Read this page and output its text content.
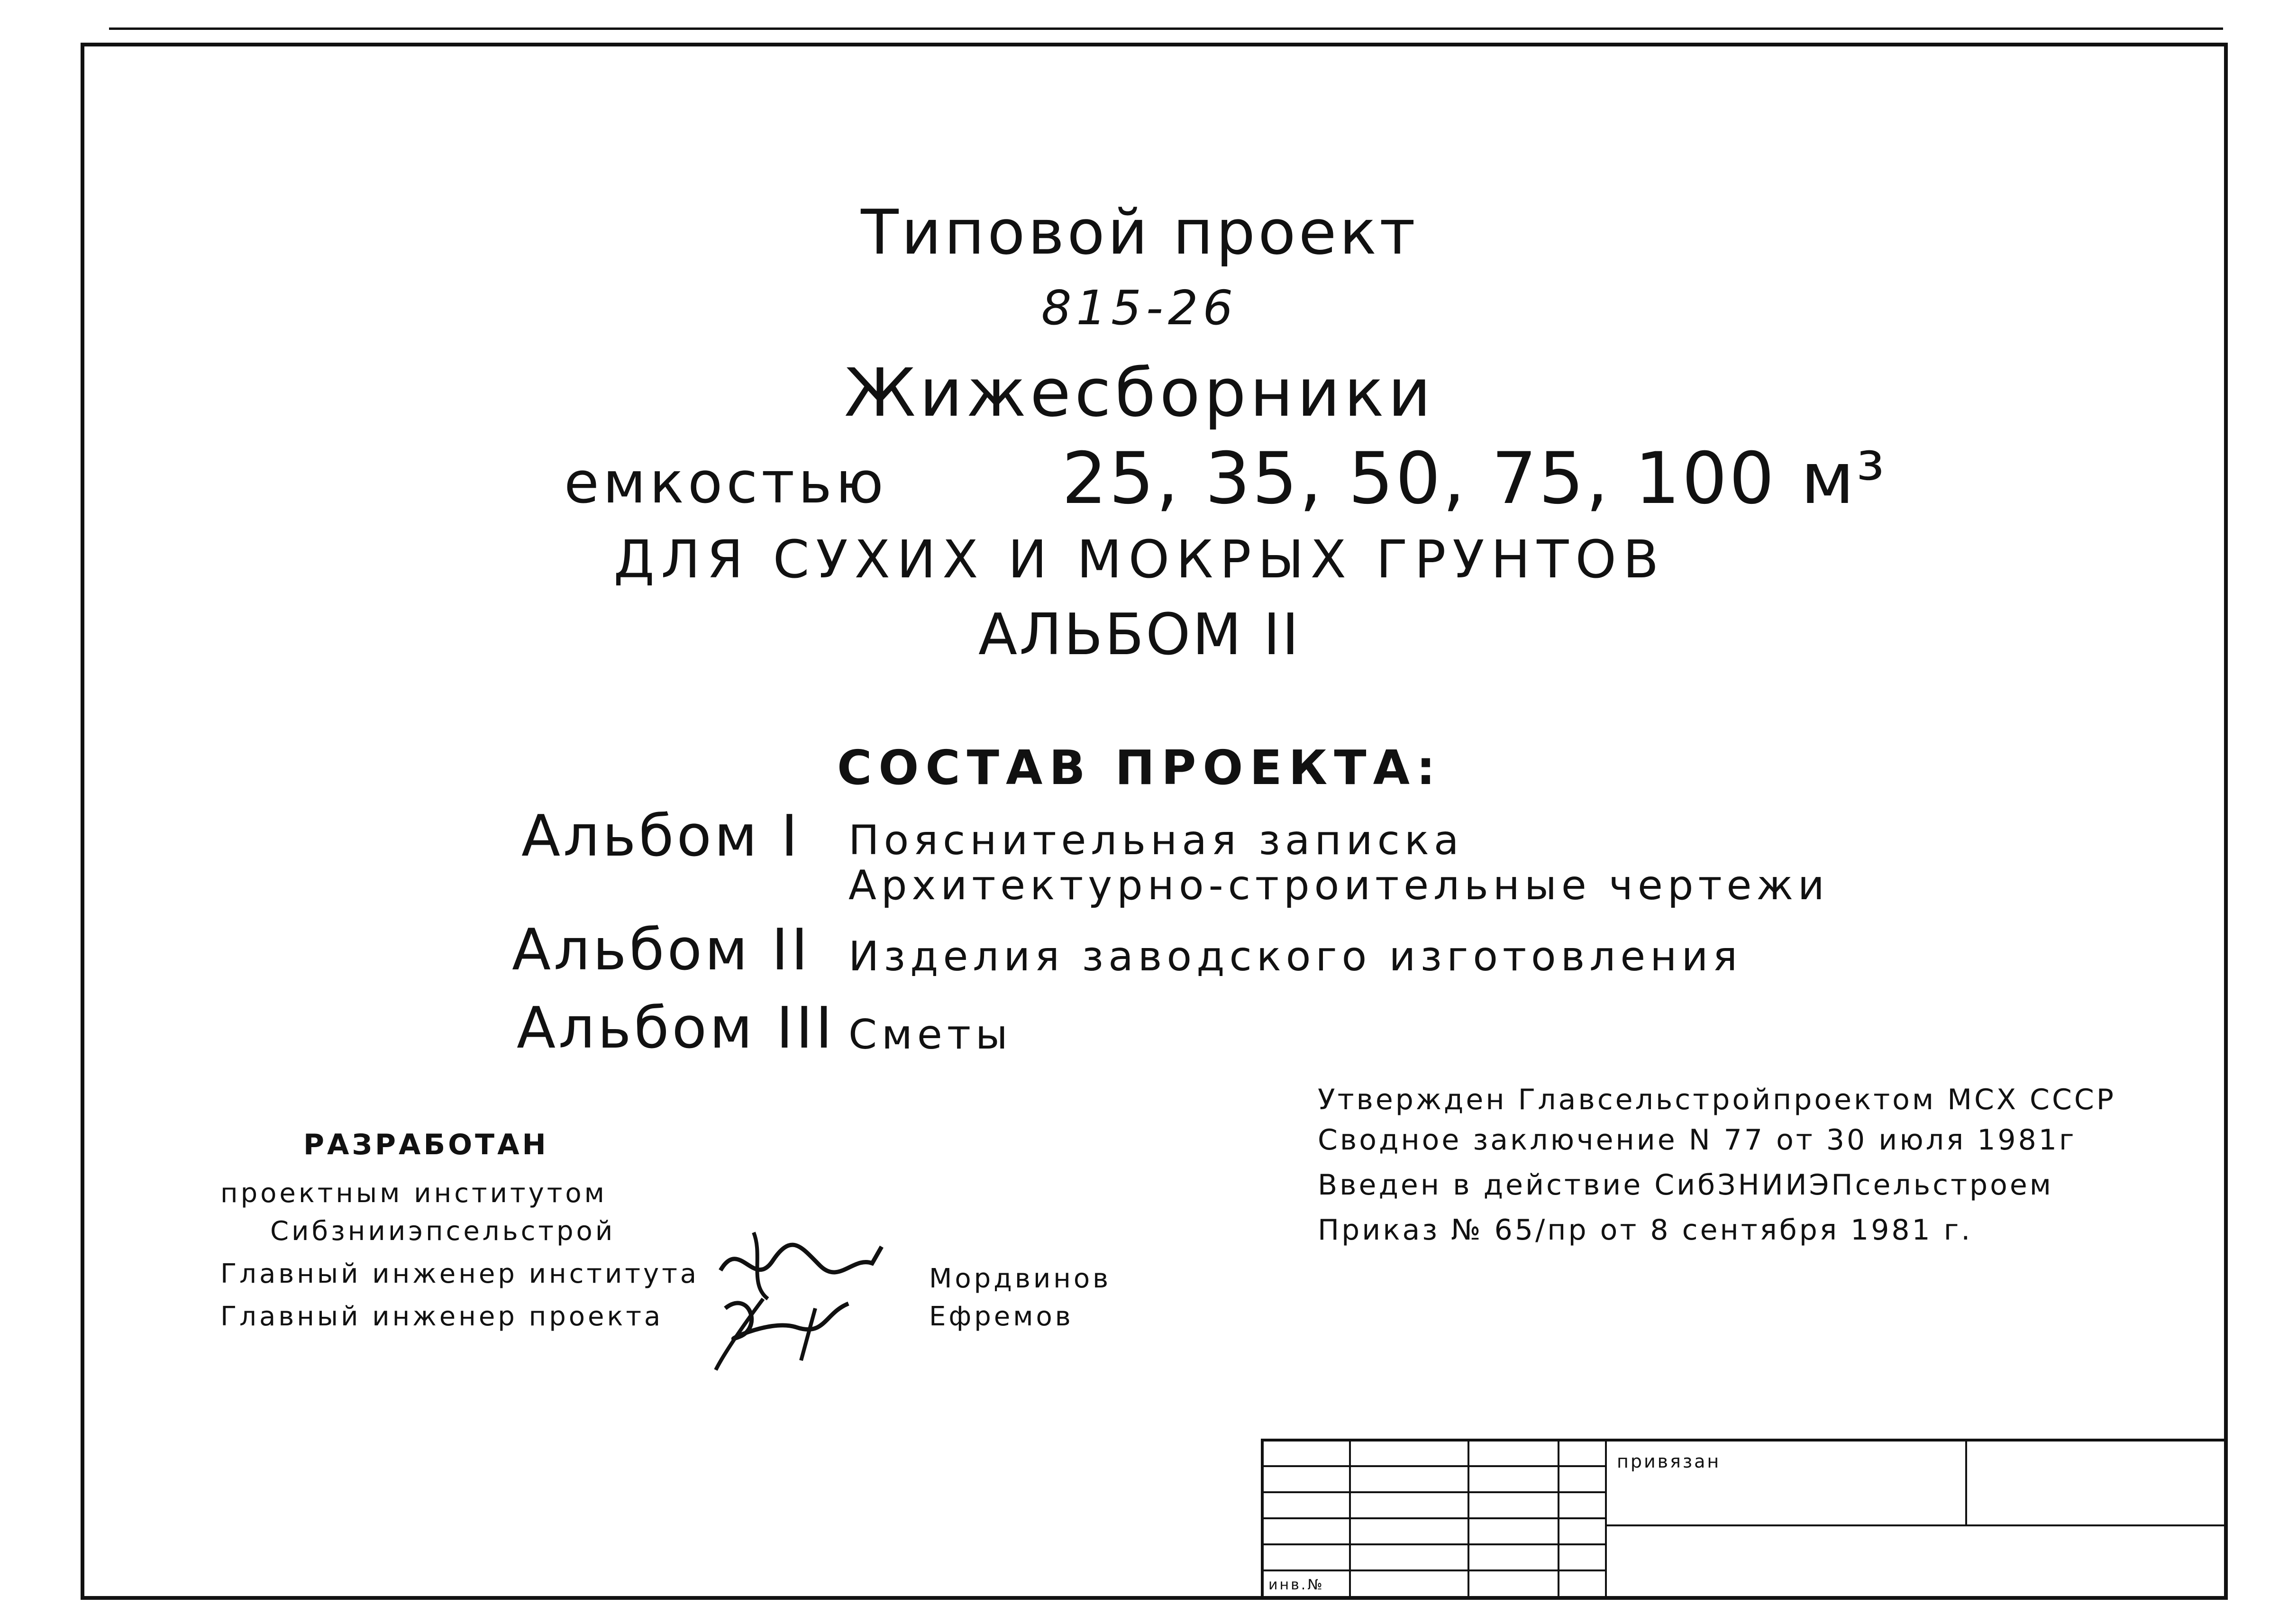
Типовой проект
815-26
Жижесборники
емкостью 25, 35, 50, 75, 100 м³
ДЛЯ СУХИХ И МОКРЫХ ГРУНТОВ
АЛЬБОМ II
СОСТАВ ПРОЕКТА:
Альбом I Пояснительная записка
Архитектурно-строительные чертежи
Альбом II Изделия заводского изготовления
Альбом III Сметы
РАЗРАБОТАН
проектным институтом
Сибзнииэпсельстрой
Главный инженер института
Главный инженер проекта
Мордвинов
Ефремов
Утвержден Главсельстройпроектом МСХ СССР
Сводное заключение N 77 от 30 июля 1981г
Введен в действие СибЗНИИЭПсельстроем
Приказ № 65/пр от 8 сентября 1981 г.
привязан
инв.№
